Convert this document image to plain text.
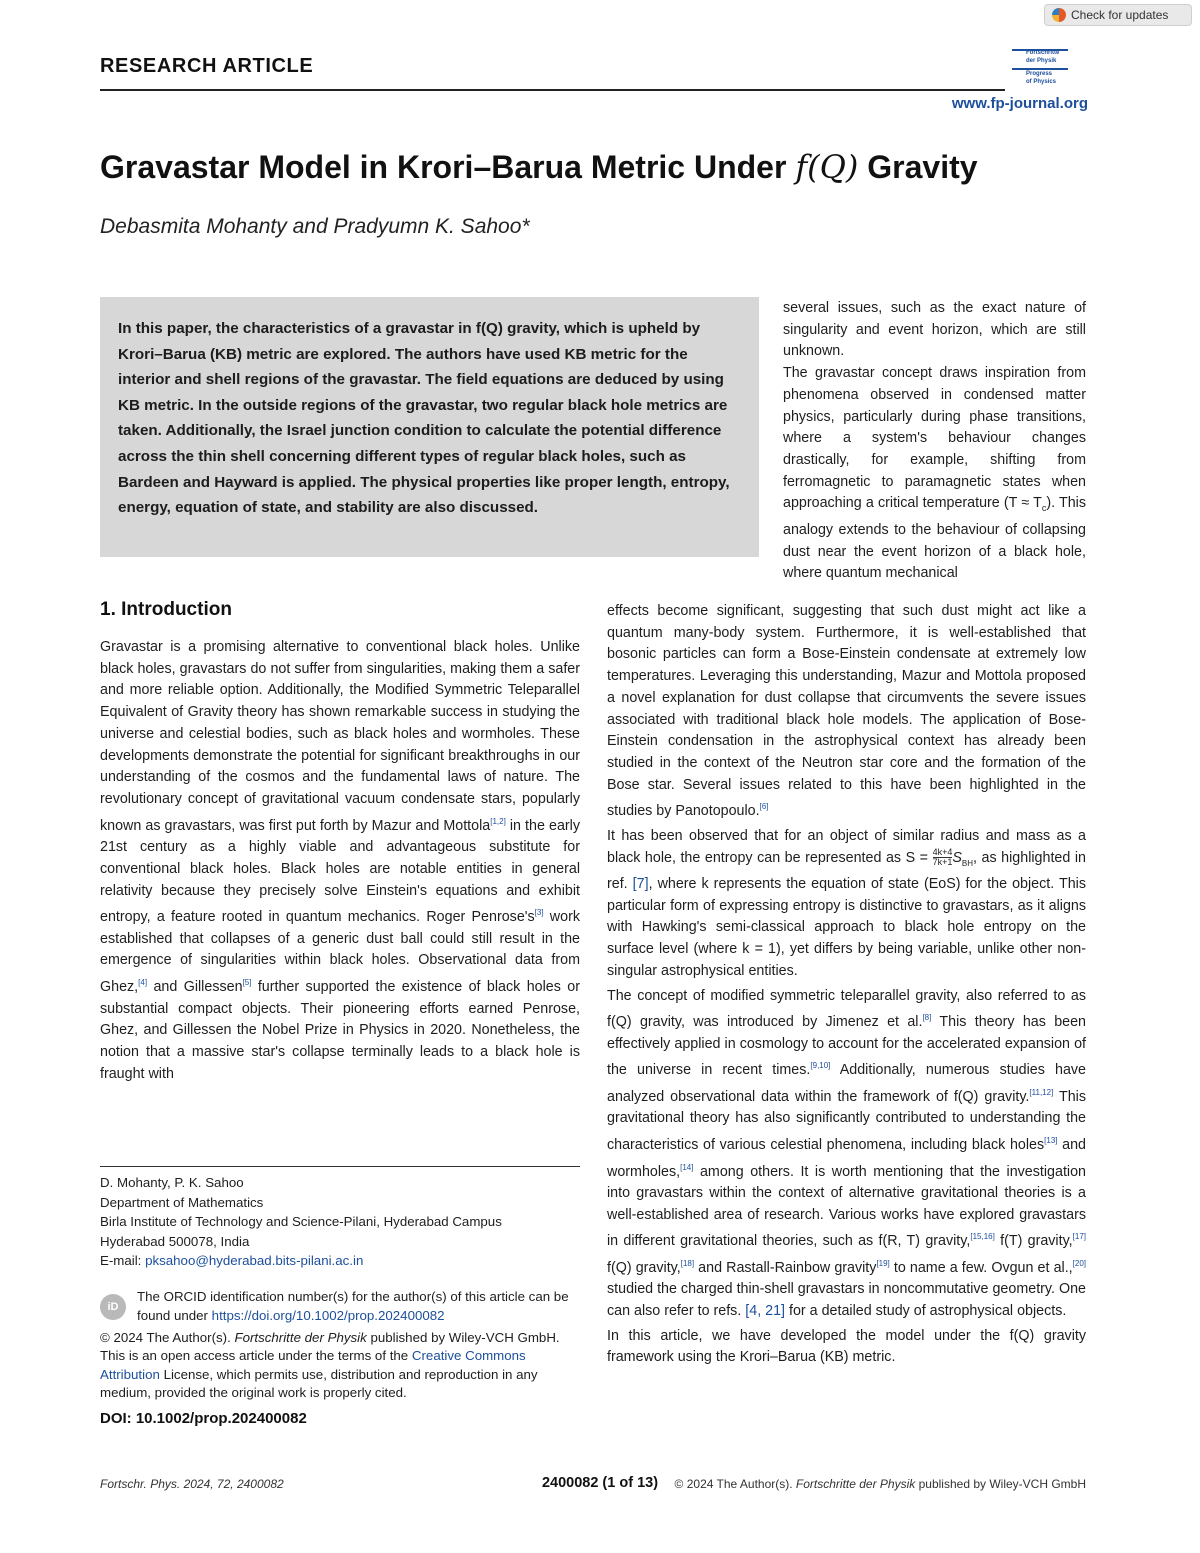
Check for updates
RESEARCH ARTICLE
Fortschritte
der Physik
Progress
of Physics
www.fp-journal.org
Gravastar Model in Krori–Barua Metric Under f(Q) Gravity
Debasmita Mohanty and Pradyumn K. Sahoo*
In this paper, the characteristics of a gravastar in f(Q) gravity, which is upheld by Krori–Barua (KB) metric are explored. The authors have used KB metric for the interior and shell regions of the gravastar. The field equations are deduced by using KB metric. In the outside regions of the gravastar, two regular black hole metrics are taken. Additionally, the Israel junction condition to calculate the potential difference across the thin shell concerning different types of regular black holes, such as Bardeen and Hayward is applied. The physical properties like proper length, entropy, energy, equation of state, and stability are also discussed.

several issues, such as the exact nature of singularity and event horizon, which are still unknown.

The gravastar concept draws inspiration from phenomena observed in condensed matter physics, particularly during phase transitions, where a system's behaviour changes drastically, for example, shifting from ferromagnetic to paramagnetic states when approaching a critical temperature $(T \approx T_c)$. This analogy extends to the behaviour of collapsing dust near the event horizon of a black hole, where quantum mechanical

1. Introduction

Gravastar is a promising alternative to conventional black holes. Unlike black holes, gravastars do not suffer from singularities, making them a safer and more reliable option. Additionally, the Modified Symmetric Teleparallel Equivalent of Gravity theory has shown remarkable success in studying the universe and celestial bodies, such as black holes and wormholes. These developments demonstrate the potential for significant breakthroughs in our understanding of the cosmos and the fundamental laws of nature. The revolutionary concept of gravitational vacuum condensate stars, popularly known as gravastars, was first put forth by Mazur and Mottola[1,2] in the early 21st century as a highly viable and advantageous substitute for conventional black holes. Black holes are notable entities in general relativity because they precisely solve Einstein's equations and exhibit entropy, a feature rooted in quantum mechanics. Roger Penrose's[3] work established that collapses of a generic dust ball could still result in the emergence of singularities within black holes. Observational data from Ghez,[4] and Gillessen[5] further supported the existence of black holes or substantial compact objects. Their pioneering efforts earned Penrose, Ghez, and Gillessen the Nobel Prize in Physics in 2020. Nonetheless, the notion that a massive star's collapse terminally leads to a black hole is fraught with

effects become significant, suggesting that such dust might act like a quantum many-body system. Furthermore, it is well-established that bosonic particles can form a Bose-Einstein condensate at extremely low temperatures. Leveraging this understanding, Mazur and Mottola proposed a novel explanation for dust collapse that circumvents the severe issues associated with traditional black hole models. The application of Bose-Einstein condensation in the astrophysical context has already been studied in the context of the Neutron star core and the formation of the Bose star. Several issues related to this have been highlighted in the studies by Panotopoulo.[6]

It has been observed that for an object of similar radius and mass as a black hole, the entropy can be represented as $S = \frac{4k+4}{7k+1} S_{BH}$, as highlighted in ref. [7], where k represents the equation of state (EoS) for the object. This particular form of expressing entropy is distinctive to gravastars, as it aligns with Hawking's semi-classical approach to black hole entropy on the surface level (where k = 1), yet differs by being variable, unlike other non-singular astrophysical entities.

The concept of modified symmetric teleparallel gravity, also referred to as f(Q) gravity, was introduced by Jimenez et al.[8] This theory has been effectively applied in cosmology to account for the accelerated expansion of the universe in recent times.[9,10] Additionally, numerous studies have analyzed observational data within the framework of f(Q) gravity.[11,12] This gravitational theory has also significantly contributed to understanding the characteristics of various celestial phenomena, including black holes[13] and wormholes,[14] among others. It is worth mentioning that the investigation into gravastars within the context of alternative gravitational theories is a well-established area of research. Various works have explored gravastars in different gravitational theories, such as f(R, T) gravity,[15,16] f(T) gravity,[17] f(Q) gravity,[18] and Rastall-Rainbow gravity[19] to name a few. Ovgun et al.,[20] studied the charged thin-shell gravastars in noncommutative geometry. One can also refer to refs. [4, 21] for a detailed study of astrophysical objects.

In this article, we have developed the model under the f(Q) gravity framework using the Krori–Barua (KB) metric.

D. Mohanty, P. K. Sahoo
Department of Mathematics
Birla Institute of Technology and Science-Pilani, Hyderabad Campus
Hyderabad 500078, India
E-mail: pksahoo@hyderabad.bits-pilani.ac.in
iD
The ORCID identification number(s) for the author(s) of this article can be found under https://doi.org/10.1002/prop.202400082
© 2024 The Author(s). Fortschritte der Physik published by Wiley-VCH GmbH. This is an open access article under the terms of the Creative Commons Attribution License, which permits use, distribution and reproduction in any medium, provided the original work is properly cited.
DOI: 10.1002/prop.202400082
Fortschr. Phys. 2024, 72, 2400082	2400082 (1 of 13)	© 2024 The Author(s). Fortschritte der Physik published by Wiley-VCH GmbH
